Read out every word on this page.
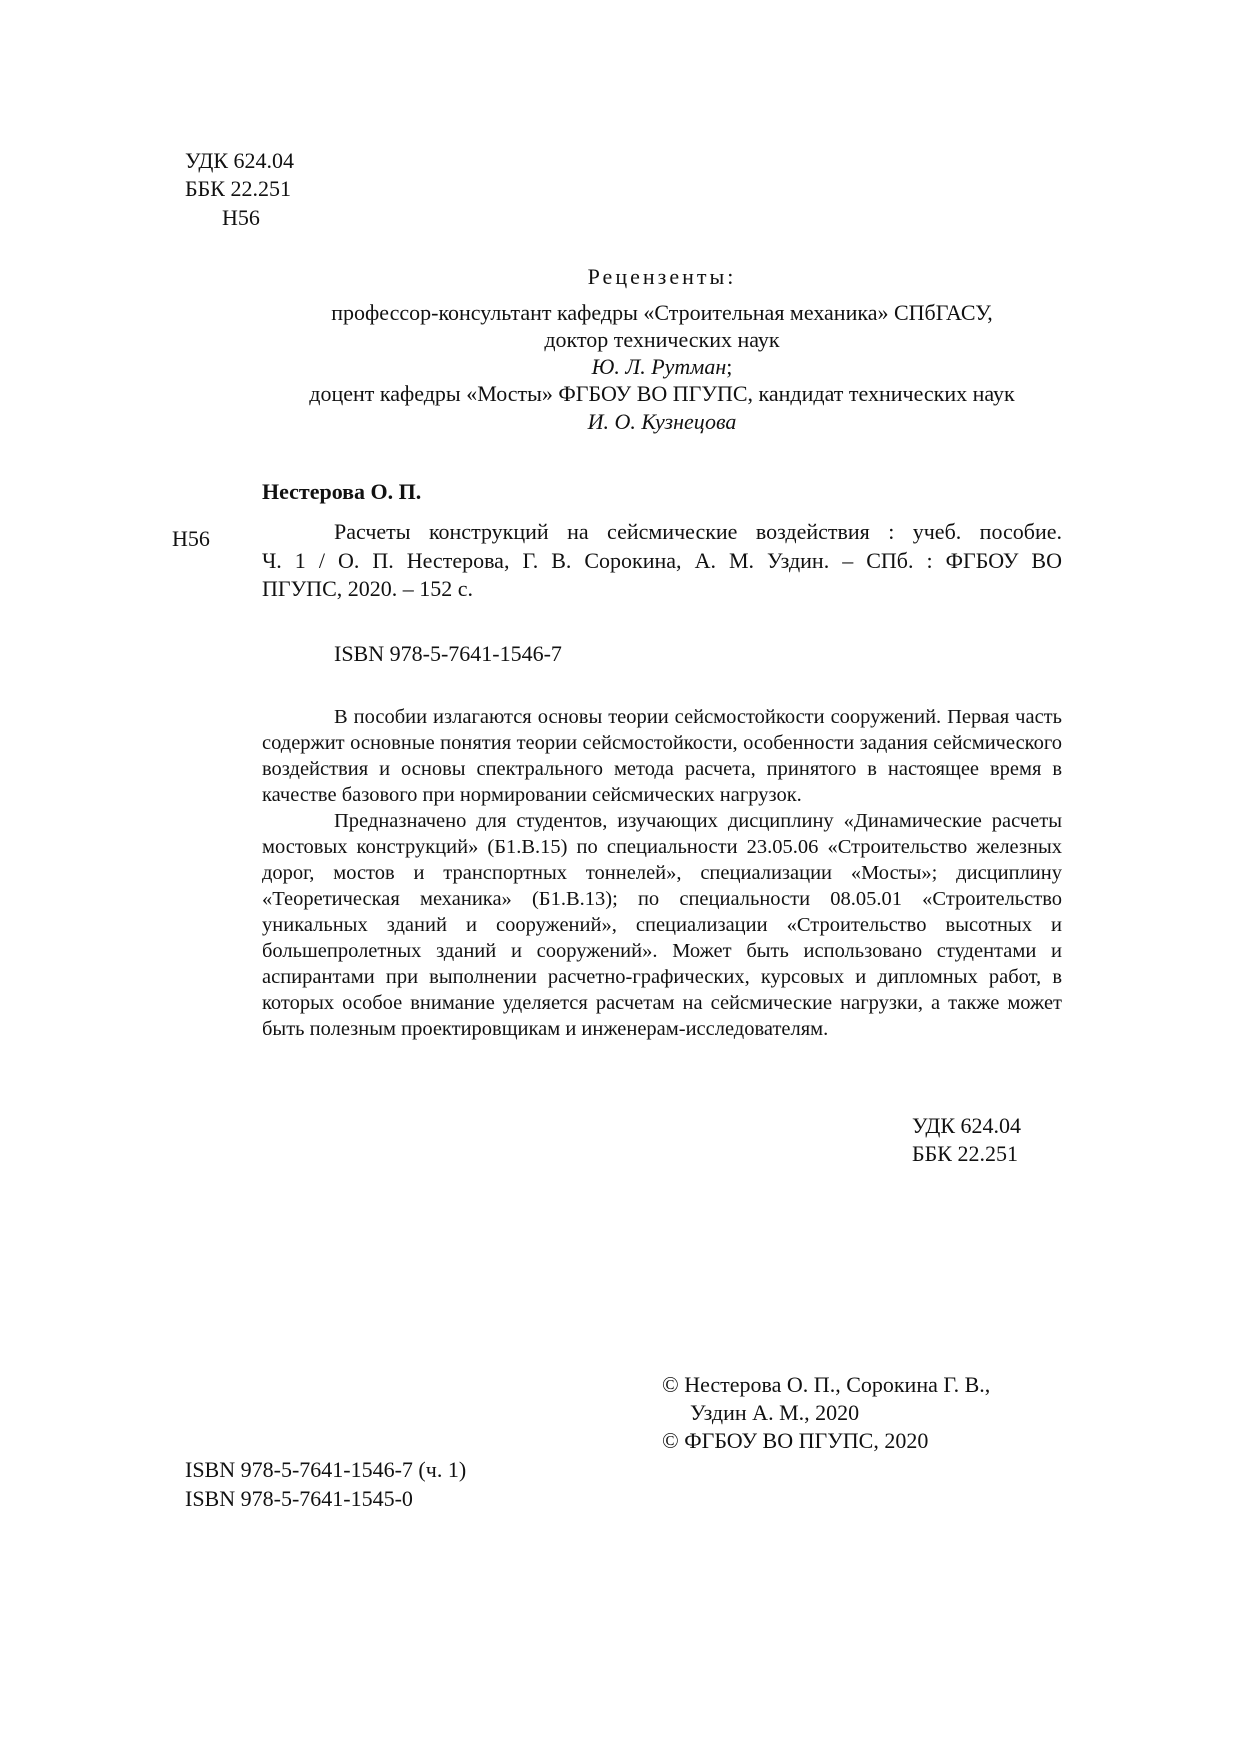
УДК 624.04
ББК 22.251
Н56
Рецензенты:
профессор-консультант кафедры «Строительная механика» СПбГАСУ,
доктор технических наук
Ю. Л. Рутман;
доцент кафедры «Мосты» ФГБОУ ВО ПГУПС, кандидат технических наук
И. О. Кузнецова
Нестерова О. П.
Н56	Расчеты конструкций на сейсмические воздействия : учеб. пособие.
Ч. 1 / О. П. Нестерова, Г. В. Сорокина, А. М. Уздин. – СПб. : ФГБОУ ВО
ПГУПС, 2020. – 152 с.
ISBN 978-5-7641-1546-7

В пособии излагаются основы теории сейсмостойкости сооружений. Первая часть содержит основные понятия теории сейсмостойкости, особенности задания сейсмического воздействия и основы спектрального метода расчета, принятого в настоящее время в качестве базового при нормировании сейсмических нагрузок.

Предназначено для студентов, изучающих дисциплину «Динамические расчеты мостовых конструкций» (Б1.В.15) по специальности 23.05.06 «Строительство железных дорог, мостов и транспортных тоннелей», специализации «Мосты»; дисциплину «Теоретическая механика» (Б1.В.13); по специальности 08.05.01 «Строительство уникальных зданий и сооружений», специализации «Строительство высотных и большепролетных зданий и сооружений». Может быть использовано студентами и аспирантами при выполнении расчетно-графических, курсовых и дипломных работ, в которых особое внимание уделяется расчетам на сейсмические нагрузки, а также может быть полезным проектировщикам и инженерам-исследователям.

УДК 624.04
ББК 22.251
© Нестерова О. П., Сорокина Г. В.,
Уздин А. М., 2020
© ФГБОУ ВО ПГУПС, 2020
ISBN 978-5-7641-1546-7 (ч. 1)
ISBN 978-5-7641-1545-0
